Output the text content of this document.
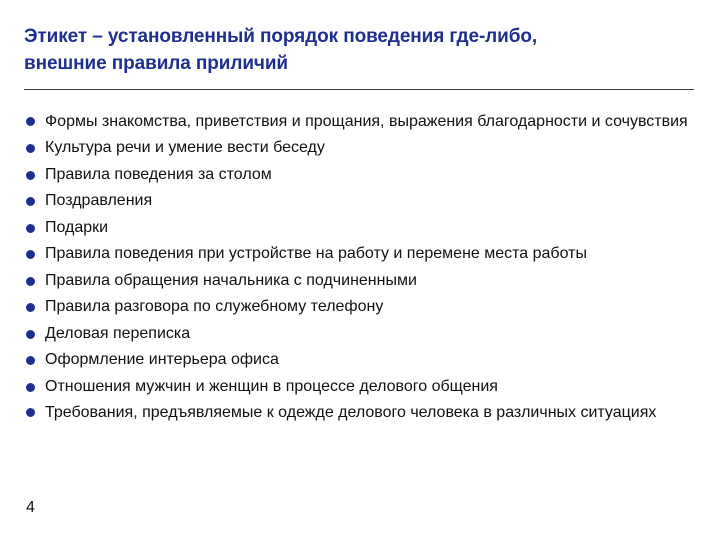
Этикет – установленный порядок поведения где-либо,
внешние правила приличий
Формы знакомства, приветствия и прощания, выражения благодарности и сочувствия
Культура речи и умение вести беседу
Правила поведения за столом
Поздравления
Подарки
Правила поведения при устройстве на работу и перемене места работы
Правила обращения начальника с подчиненными
Правила разговора по служебному телефону
Деловая переписка
Оформление интерьера офиса
Отношения мужчин и женщин в процессе делового общения
Требования, предъявляемые к одежде делового человека в различных ситуациях
4
